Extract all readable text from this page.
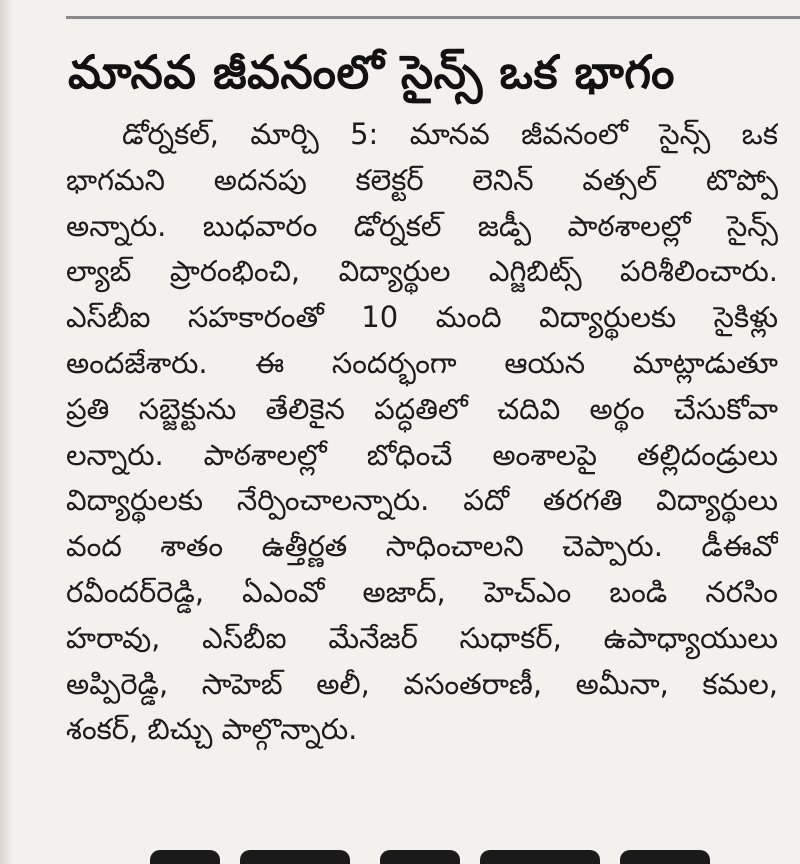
మానవ జీవనంలో సైన్స్ ఒక భాగం
డోర్నకల్, మార్చి 5: మానవ జీవనంలో సైన్స్ ఒక
భాగమని అదనపు కలెక్టర్ లెనిన్ వత్సల్ టొప్పో
అన్నారు. బుధవారం డోర్నకల్ జడ్పీ పాఠశాలల్లో సైన్స్
ల్యాబ్ ప్రారంభించి, విద్యార్థుల ఎగ్జిబిట్స్ పరిశీలించారు.
ఎస్‌బీఐ సహకారంతో 10 మంది విద్యార్థులకు సైకిళ్లు
అందజేశారు. ఈ సందర్భంగా ఆయన మాట్లాడుతూ
ప్రతి సబ్జెక్టును తేలికైన పద్ధతిలో చదివి అర్థం చేసుకోవా
లన్నారు. పాఠశాలల్లో బోధించే అంశాలపై తల్లిదండ్రులు
విద్యార్థులకు నేర్పించాలన్నారు. పదో తరగతి విద్యార్థులు
వంద శాతం ఉత్తీర్ణత సాధించాలని చెప్పారు. డీఈవో
రవీందర్‌రెడ్డి, ఏఎంవో అజాద్, హెచ్ఎం బండి నరసిం
హరావు, ఎస్‌బీఐ మేనేజర్ సుధాకర్, ఉపాధ్యాయులు
అప్పిరెడ్డి, సాహెబ్ అలీ, వసంతరాణీ, అమీనా, కమల,
శంకర్, బిచ్చు పాల్గొన్నారు.
